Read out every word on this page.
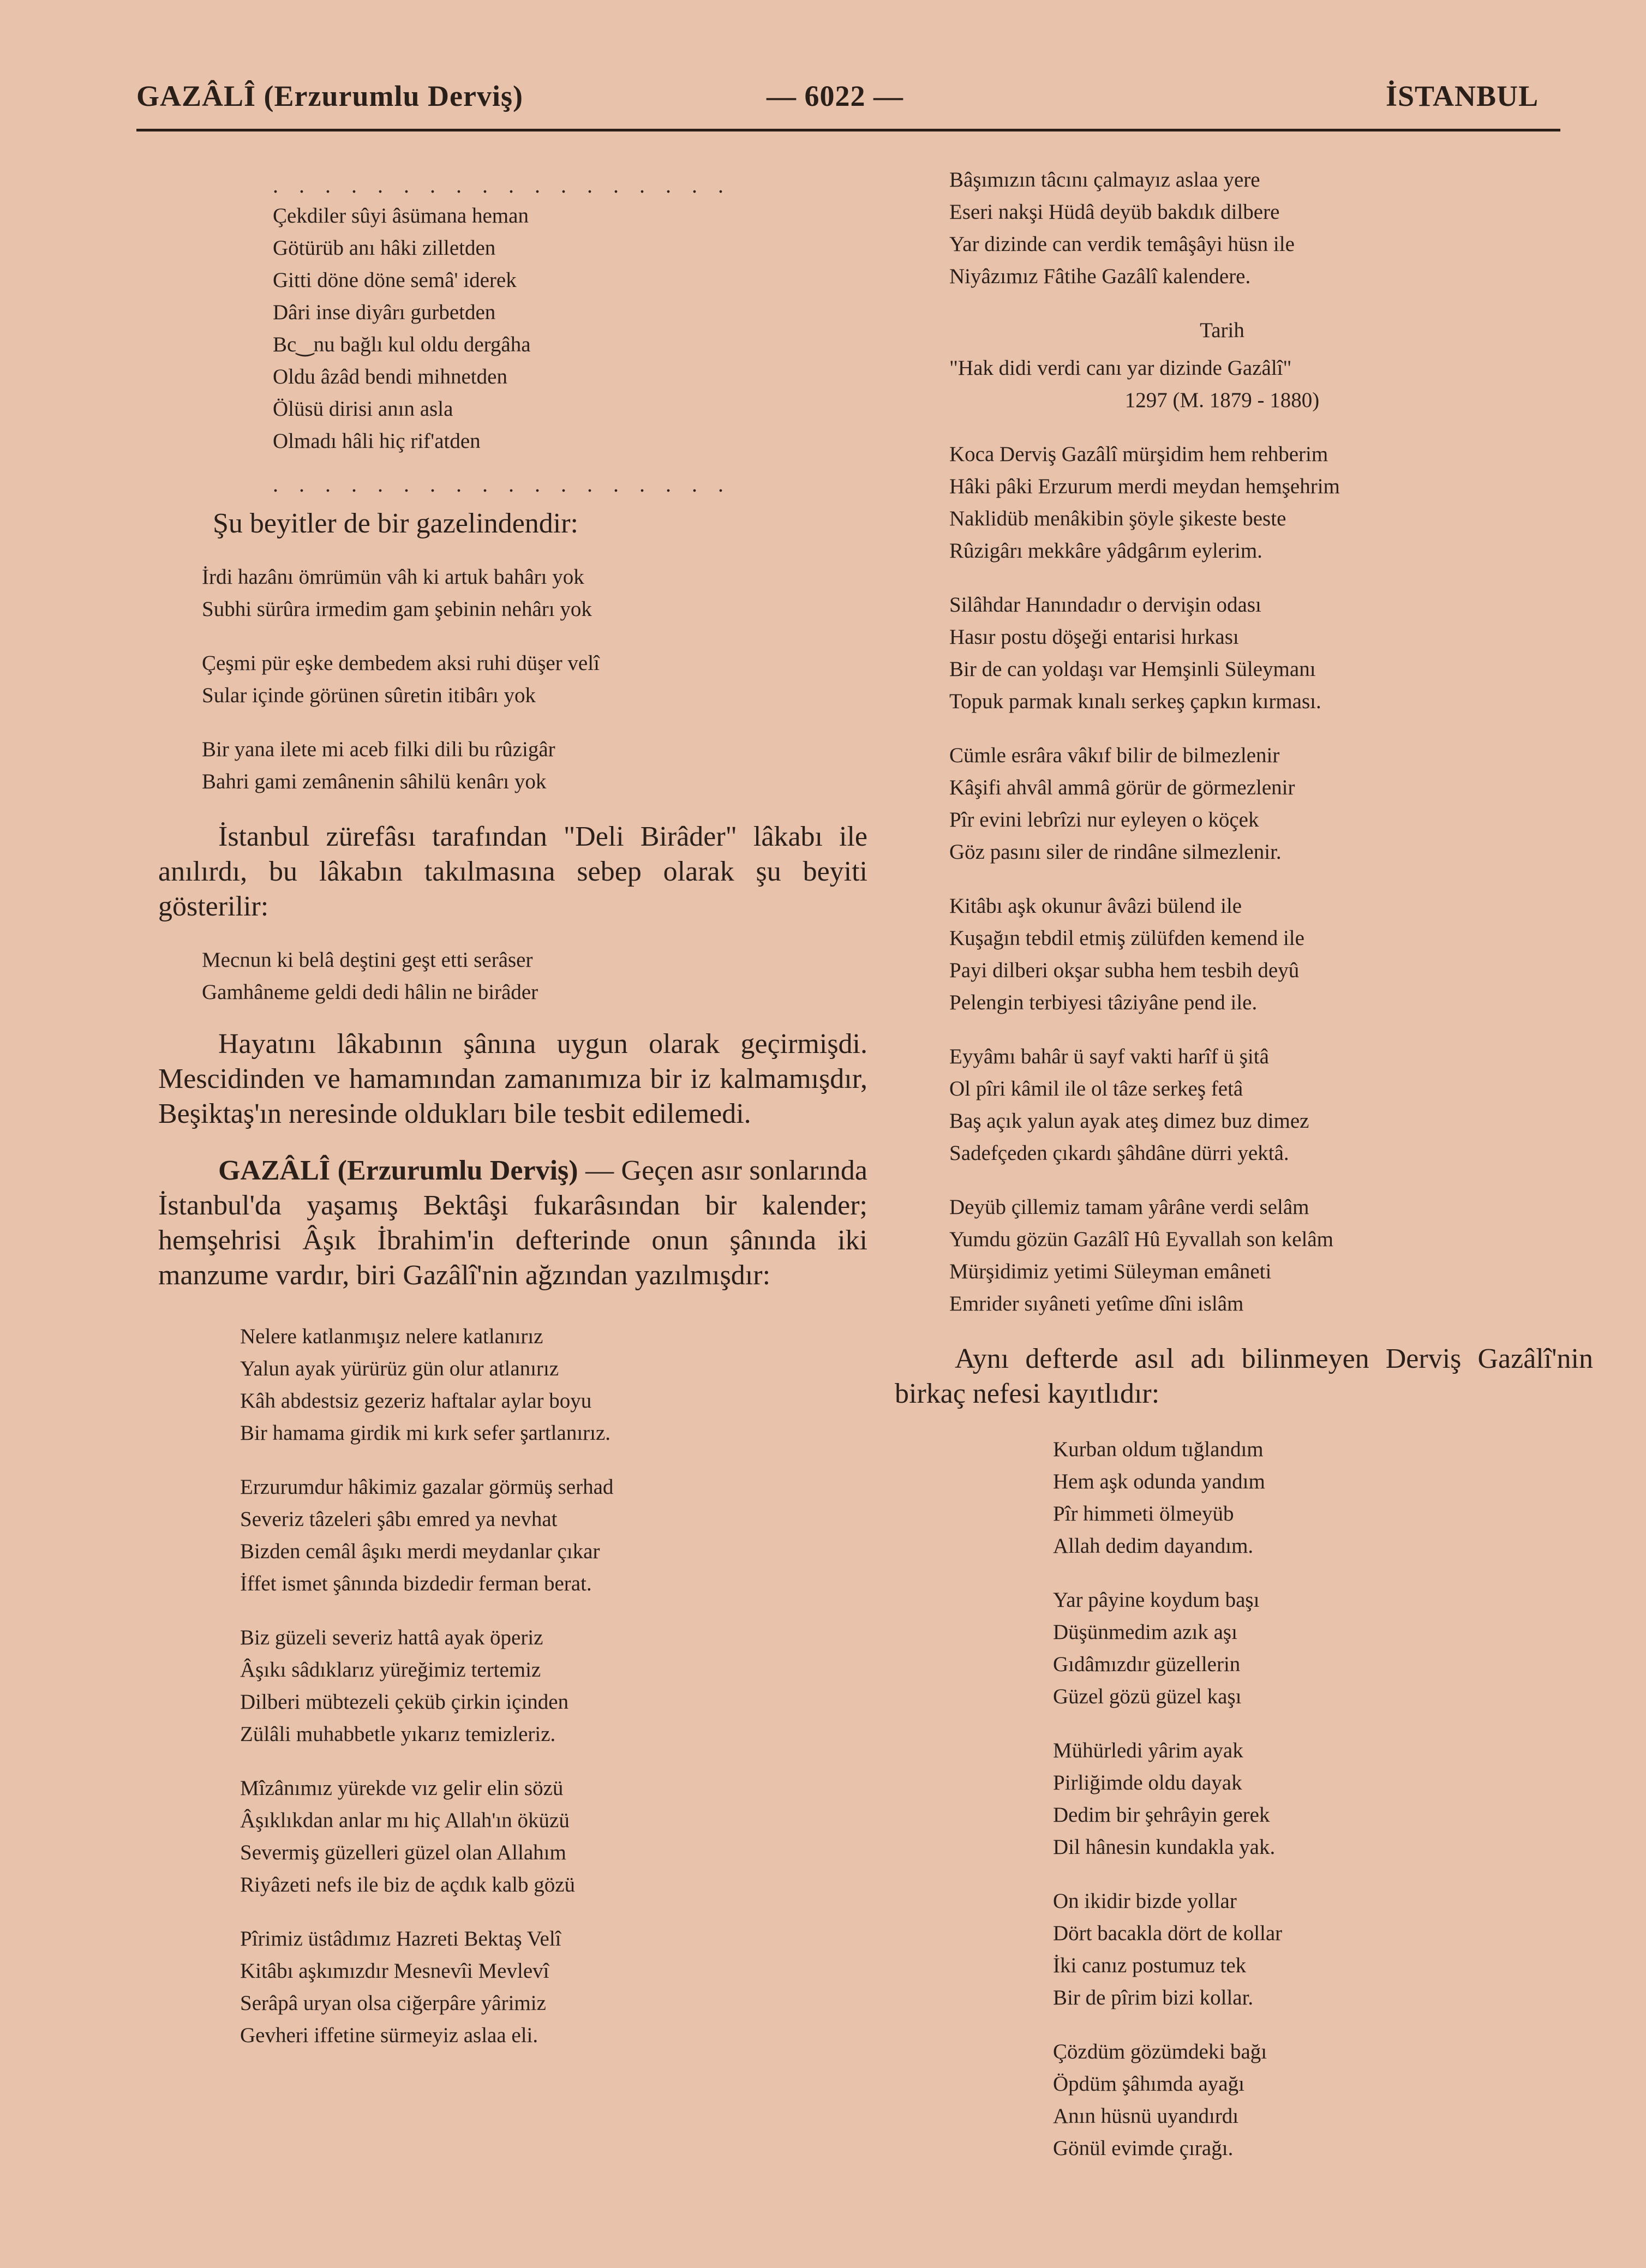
GAZÂLÎ (Erzurumlu Derviş)	— 6022 —	İSTANBUL
. . . . . . . . . . . . . . . . . .
Çekdiler sûyi âsümana heman
Götürüb anı hâki zilletden
Gitti döne döne semâ' iderek
Dâri inse diyârı gurbetden
Bc‿nu bağlı kul oldu dergâha
Oldu âzâd bendi mihnetden
Ölüsü dirisi anın asla
Olmadı hâli hiç rif'atden
. . . . . . . . . . . . . . . . . .
Şu beyitler de bir gazelindendir:
İrdi hazânı ömrümün vâh ki artuk bahârı yok
Subhi sürûra irmedim gam şebinin nehârı yok
Çeşmi pür eşke dembedem aksi ruhi düşer velî
Sular içinde görünen sûretin itibârı yok
Bir yana ilete mi aceb filki dili bu rûzigâr
Bahri gami zemânenin sâhilü kenârı yok
İstanbul zürefâsı tarafından "Deli Birâder" lâkabı ile anılırdı, bu lâkabın takılmasına sebep olarak şu beyiti gösterilir:
Mecnun ki belâ deştini geşt etti serâser
Gamhâneme geldi dedi hâlin ne birâder
Hayatını lâkabının şânına uygun olarak geçirmişdi. Mescidinden ve hamamından zamanımıza bir iz kalmamışdır, Beşiktaş'ın neresinde oldukları bile tesbit edilemedi.
GAZÂLÎ (Erzurumlu Derviş) — Geçen asır sonlarında İstanbul'da yaşamış Bektâşi fukarâsından bir kalender; hemşehrisi Âşık İbrahim'in defterinde onun şânında iki manzume vardır, biri Gazâlî'nin ağzından yazılmışdır:
Nelere katlanmışız nelere katlanırız
Yalun ayak yürürüz gün olur atlanırız
Kâh abdestsiz gezeriz haftalar aylar boyu
Bir hamama girdik mi kırk sefer şartlanırız.
Erzurumdur hâkimiz gazalar görmüş serhad
Severiz tâzeleri şâbı emred ya nevhat
Bizden cemâl âşıkı merdi meydanlar çıkar
İffet ismet şânında bizdedir ferman berat.
Biz güzeli severiz hattâ ayak öperiz
Âşıkı sâdıklarız yüreğimiz tertemiz
Dilberi mübtezeli çeküb çirkin içinden
Zülâli muhabbetle yıkarız temizleriz.
Mîzânımız yürekde vız gelir elin sözü
Âşıklıkdan anlar mı hiç Allah'ın öküzü
Severmiş güzelleri güzel olan Allahım
Riyâzeti nefs ile biz de açdık kalb gözü
Pîrimiz üstâdımız Hazreti Bektaş Velî
Kitâbı aşkımızdır Mesnevîi Mevlevî
Serâpâ uryan olsa ciğerpâre yârimiz
Gevheri iffetine sürmeyiz aslaa eli.
Bâşımızın tâcını çalmayız aslaa yere
Eseri nakşi Hüdâ deyüb bakdık dilbere
Yar dizinde can verdik temâşâyi hüsn ile
Niyâzımız Fâtihe Gazâlî kalendere.
Tarih
"Hak didi verdi canı yar dizinde Gazâlî"
1297 (M. 1879 - 1880)
Koca Derviş Gazâlî mürşidim hem rehberim
Hâki pâki Erzurum merdi meydan hemşehrim
Naklidüb menâkibin şöyle şikeste beste
Rûzigârı mekkâre yâdgârım eylerim.
Silâhdar Hanındadır o dervişin odası
Hasır postu döşeği entarisi hırkası
Bir de can yoldaşı var Hemşinli Süleymanı
Topuk parmak kınalı serkeş çapkın kırması.
Cümle esrâra vâkıf bilir de bilmezlenir
Kâşifi ahvâl ammâ görür de görmezlenir
Pîr evini lebrîzi nur eyleyen o köçek
Göz pasını siler de rindâne silmezlenir.
Kitâbı aşk okunur âvâzi bülend ile
Kuşağın tebdil etmiş zülüfden kemend ile
Payi dilberi okşar subha hem tesbih deyû
Pelengin terbiyesi tâziyâne pend ile.
Eyyâmı bahâr ü sayf vakti harîf ü şitâ
Ol pîri kâmil ile ol tâze serkeş fetâ
Baş açık yalun ayak ateş dimez buz dimez
Sadefçeden çıkardı şâhdâne dürri yektâ.
Deyüb çillemiz tamam yârâne verdi selâm
Yumdu gözün Gazâlî Hû Eyvallah son kelâm
Mürşidimiz yetimi Süleyman emâneti
Emrider sıyâneti yetîme dîni islâm
Aynı defterde asıl adı bilinmeyen Derviş Gazâlî'nin birkaç nefesi kayıtlıdır:
Kurban oldum tığlandım
Hem aşk odunda yandım
Pîr himmeti ölmeyüb
Allah dedim dayandım.
Yar pâyine koydum başı
Düşünmedim azık aşı
Gıdâmızdır güzellerin
Güzel gözü güzel kaşı
Mühürledi yârim ayak
Pirliğimde oldu dayak
Dedim bir şehrâyin gerek
Dil hânesin kundakla yak.
On ikidir bizde yollar
Dört bacakla dört de kollar
İki canız postumuz tek
Bir de pîrim bizi kollar.
Çözdüm gözümdeki bağı
Öpdüm şâhımda ayağı
Anın hüsnü uyandırdı
Gönül evimde çırağı.
